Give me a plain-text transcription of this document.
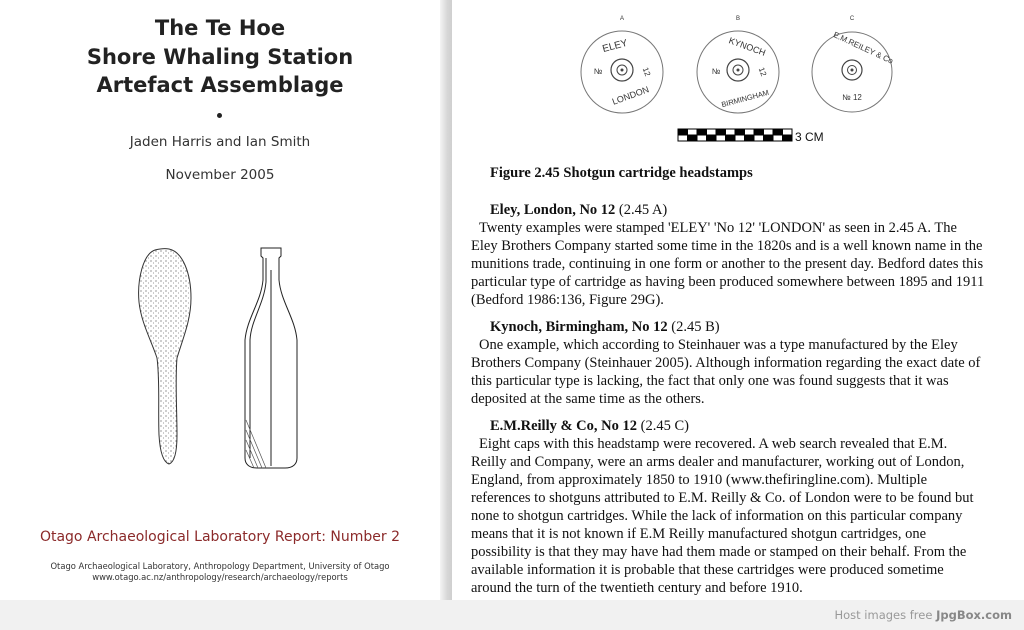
The Te Hoe
Shore Whaling Station
Artefact Assemblage
Jaden Harris and Ian Smith
November 2005
Otago Archaeological Laboratory Report: Number 2
Otago Archaeological Laboratory, Anthropology Department, University of Otago
www.otago.ac.nz/anthropology/research/archaeology/reports
A
ELEY
№	12
LONDON
B
KYNOCH
№	12
BIRMINGHAM
C
E.M.REILEY & Co
№ 12
3 CM
Figure 2.45 Shotgun cartridge headstamps
Eley, London, No 12 (2.45 A)
Twenty examples were stamped 'ELEY' 'No 12' 'LONDON' as seen in 2.45 A. The
Eley Brothers Company started some time in the 1820s and is a well known name in the
munitions trade, continuing in one form or another to the present day. Bedford dates this
particular type of cartridge as having been produced somewhere between 1895 and 1911
(Bedford 1986:136, Figure 29G).
Kynoch, Birmingham, No 12 (2.45 B)
One example, which according to Steinhauer was a type manufactured by the Eley
Brothers Company (Steinhauer 2005). Although information regarding the exact date of
this particular type is lacking, the fact that only one was found suggests that it was
deposited at the same time as the others.
E.M.Reilly & Co, No 12 (2.45 C)
Eight caps with this headstamp were recovered. A web search revealed that E.M.
Reilly and Company, were an arms dealer and manufacturer, working out of London,
England, from approximately 1850 to 1910 (www.thefiringline.com). Multiple
references to shotguns attributed to E.M. Reilly & Co. of London were to be found but
none to shotgun cartridges. While the lack of information on this particular company
means that it is not known if E.M Reilly manufactured shotgun cartridges, one
possibility is that they may have had them made or stamped on their behalf. From the
available information it is probable that these cartridges were produced sometime
around the turn of the twentieth century and before 1910.
Host images free JpgBox.com
